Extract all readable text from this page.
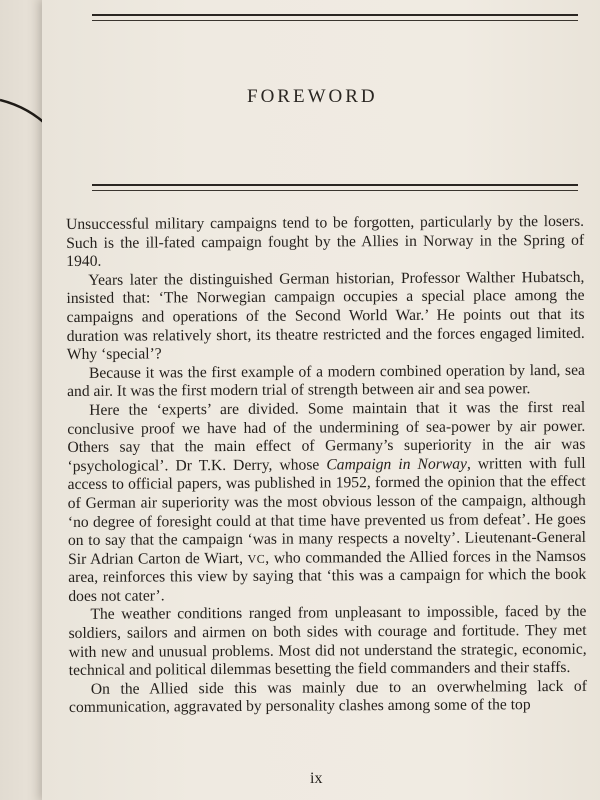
FOREWORD

Unsuccessful military campaigns tend to be forgotten, particularly by the losers. Such is the ill-fated campaign fought by the Allies in Norway in the Spring of 1940.

Years later the distinguished German historian, Professor Walther Hubatsch, insisted that: ‘The Norwegian campaign occupies a special place among the campaigns and operations of the Second World War.’ He points out that its duration was relatively short, its theatre restricted and the forces engaged limited. Why ‘special’?

Because it was the first example of a modern combined operation by land, sea and air. It was the first modern trial of strength between air and sea power.

Here the ‘experts’ are divided. Some maintain that it was the first real conclusive proof we have had of the undermining of sea-power by air power. Others say that the main effect of Germany’s superiority in the air was ‘psychological’. Dr T.K. Derry, whose Campaign in Norway, written with full access to official papers, was published in 1952, formed the opinion that the effect of German air superiority was the most obvious lesson of the campaign, although ‘no degree of foresight could at that time have prevented us from defeat’. He goes on to say that the campaign ‘was in many respects a novelty’. Lieutenant-General Sir Adrian Carton de Wiart, VC, who commanded the Allied forces in the Namsos area, reinforces this view by saying that ‘this was a campaign for which the book does not cater’.

The weather conditions ranged from unpleasant to impossible, faced by the soldiers, sailors and airmen on both sides with courage and fortitude. They met with new and unusual problems. Most did not understand the strategic, economic, technical and political dilemmas besetting the field commanders and their staffs.

On the Allied side this was mainly due to an overwhelming lack of communication, aggravated by personality clashes among some of the top

ix
